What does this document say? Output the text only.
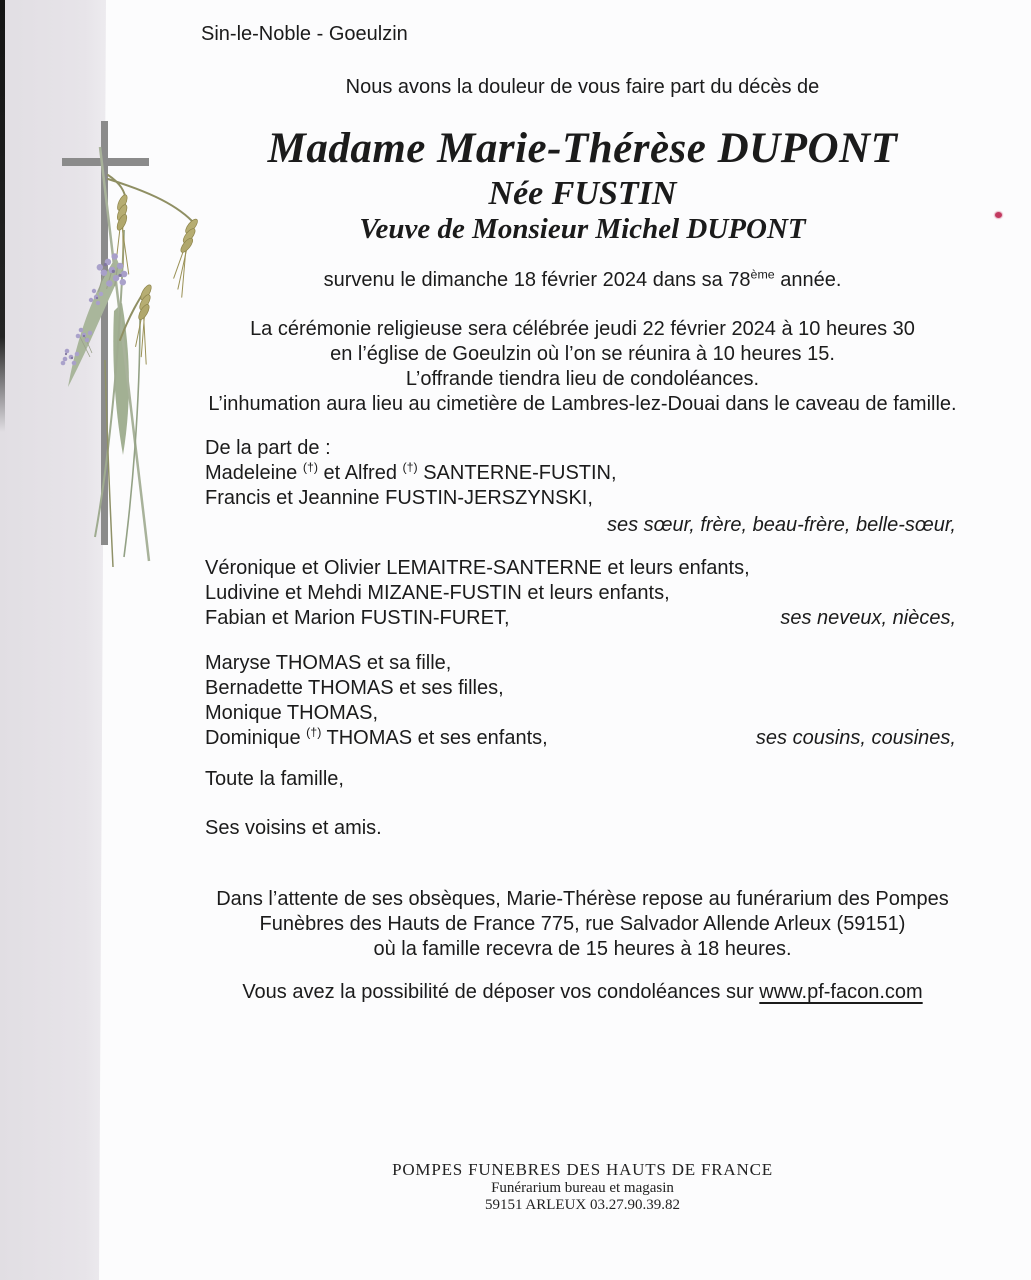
Sin-le-Noble - Goeulzin
Nous avons la douleur de vous faire part du décès de
Madame Marie-Thérèse DUPONT
Née FUSTIN
Veuve de Monsieur Michel DUPONT
survenu le dimanche 18 février 2024 dans sa 78ème année.
La cérémonie religieuse sera célébrée jeudi 22 février 2024 à 10 heures 30
en l’église de Goeulzin où l’on se réunira à 10 heures 15.
L’offrande tiendra lieu de condoléances.
L’inhumation aura lieu au cimetière de Lambres-lez-Douai dans le caveau de famille.
De la part de :
Madeleine (†) et Alfred (†) SANTERNE-FUSTIN,
Francis et Jeannine FUSTIN-JERSZYNSKI,
ses sœur, frère, beau-frère, belle-sœur,
Véronique et Olivier LEMAITRE-SANTERNE et leurs enfants,
Ludivine et Mehdi MIZANE-FUSTIN et leurs enfants,
Fabian et Marion FUSTIN-FURET,	ses neveux, nièces,
Maryse THOMAS et sa fille,
Bernadette THOMAS et ses filles,
Monique THOMAS,
Dominique (†) THOMAS et ses enfants,	ses cousins, cousines,
Toute la famille,
Ses voisins et amis.
Dans l’attente de ses obsèques, Marie-Thérèse repose au funérarium des Pompes
Funèbres des Hauts de France 775, rue Salvador Allende Arleux (59151)
où la famille recevra de 15 heures à 18 heures.
Vous avez la possibilité de déposer vos condoléances sur www.pf-facon.com
POMPES FUNEBRES DES HAUTS DE FRANCE
Funérarium bureau et magasin
59151 ARLEUX 03.27.90.39.82
